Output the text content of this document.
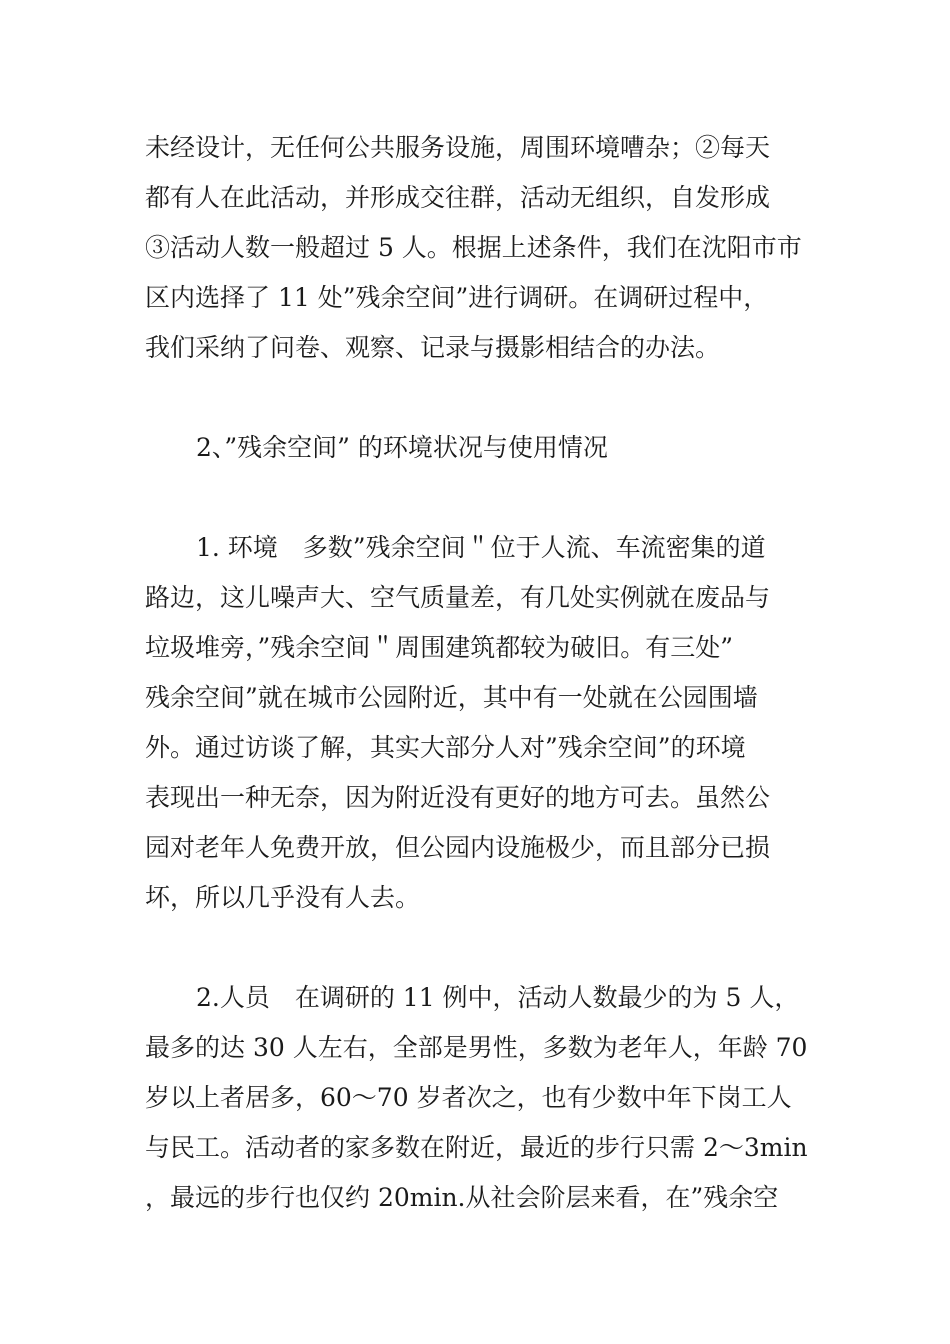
未经设计，无任何公共服务设施，周围环境嘈杂；②每天
都有人在此活动，并形成交往群，活动无组织，自发形成
③活动人数一般超过 5 人。根据上述条件，我们在沈阳市市
区内选择了 11 处”残余空间”进行调研。在调研过程中，
我们采纳了问卷、观察、记录与摄影相结合的办法。
2、”残余空间” 的环境状况与使用情况
1. 环境　多数”残余空间＂位于人流、车流密集的道
路边，这儿噪声大、空气质量差，有几处实例就在废品与
垃圾堆旁，”残余空间＂周围建筑都较为破旧。有三处”
残余空间”就在城市公园附近，其中有一处就在公园围墙
外。通过访谈了解，其实大部分人对”残余空间”的环境
表现出一种无奈，因为附近没有更好的地方可去。虽然公
园对老年人免费开放，但公园内设施极少，而且部分已损
坏，所以几乎没有人去。
2.人员　在调研的 11 例中，活动人数最少的为 5 人，
最多的达 30 人左右，全部是男性，多数为老年人，年龄 70
岁以上者居多，60～70 岁者次之，也有少数中年下岗工人
与民工。活动者的家多数在附近，最近的步行只需 2～3min
，最远的步行也仅约 20min.从社会阶层来看，在”残余空
